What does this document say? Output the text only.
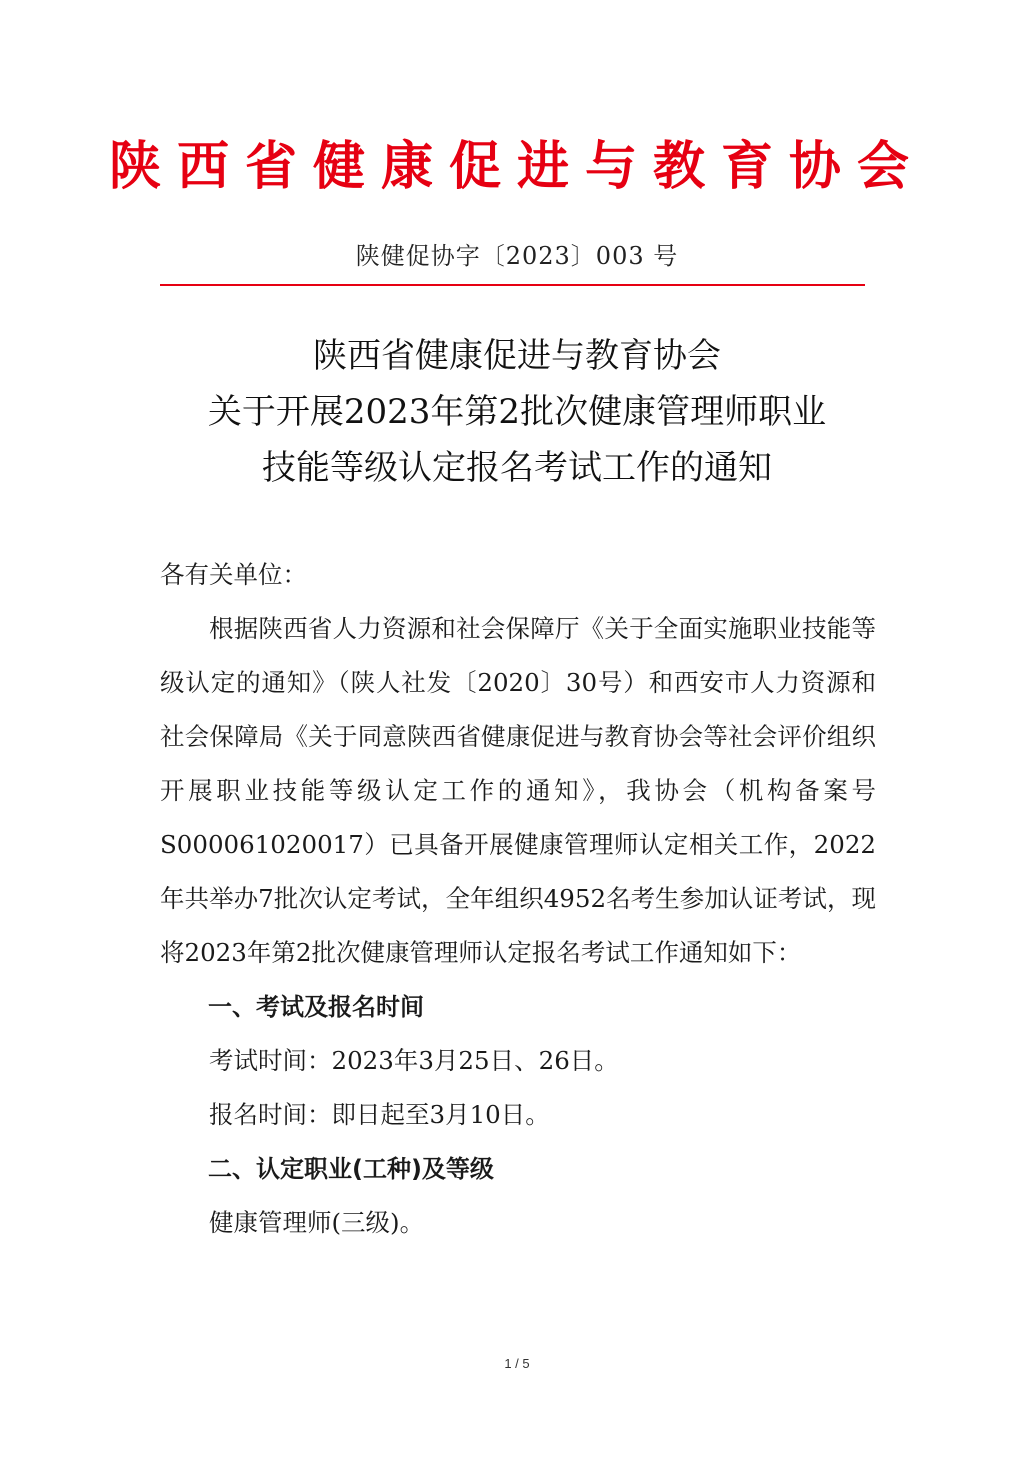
陕西省健康促进与教育协会
陕健促协字〔2023〕003 号
陕西省健康促进与教育协会
关于开展2023年第2批次健康管理师职业
技能等级认定报名考试工作的通知

各有关单位：

根据陕西省人力资源和社会保障厅《关于全面实施职业技能等级认定的通知》（陕人社发〔2020〕30号）和西安市人力资源和社会保障局《关于同意陕西省健康促进与教育协会等社会评价组织开展职业技能等级认定工作的通知》，我协会（机构备案号S000061020017）已具备开展健康管理师认定相关工作，2022年共举办7批次认定考试，全年组织4952名考生参加认证考试，现将2023年第2批次健康管理师认定报名考试工作通知如下：

一、考试及报名时间

考试时间：2023年3月25日、26日。

报名时间：即日起至3月10日。

二、认定职业(工种)及等级

健康管理师(三级)。

1 / 5
